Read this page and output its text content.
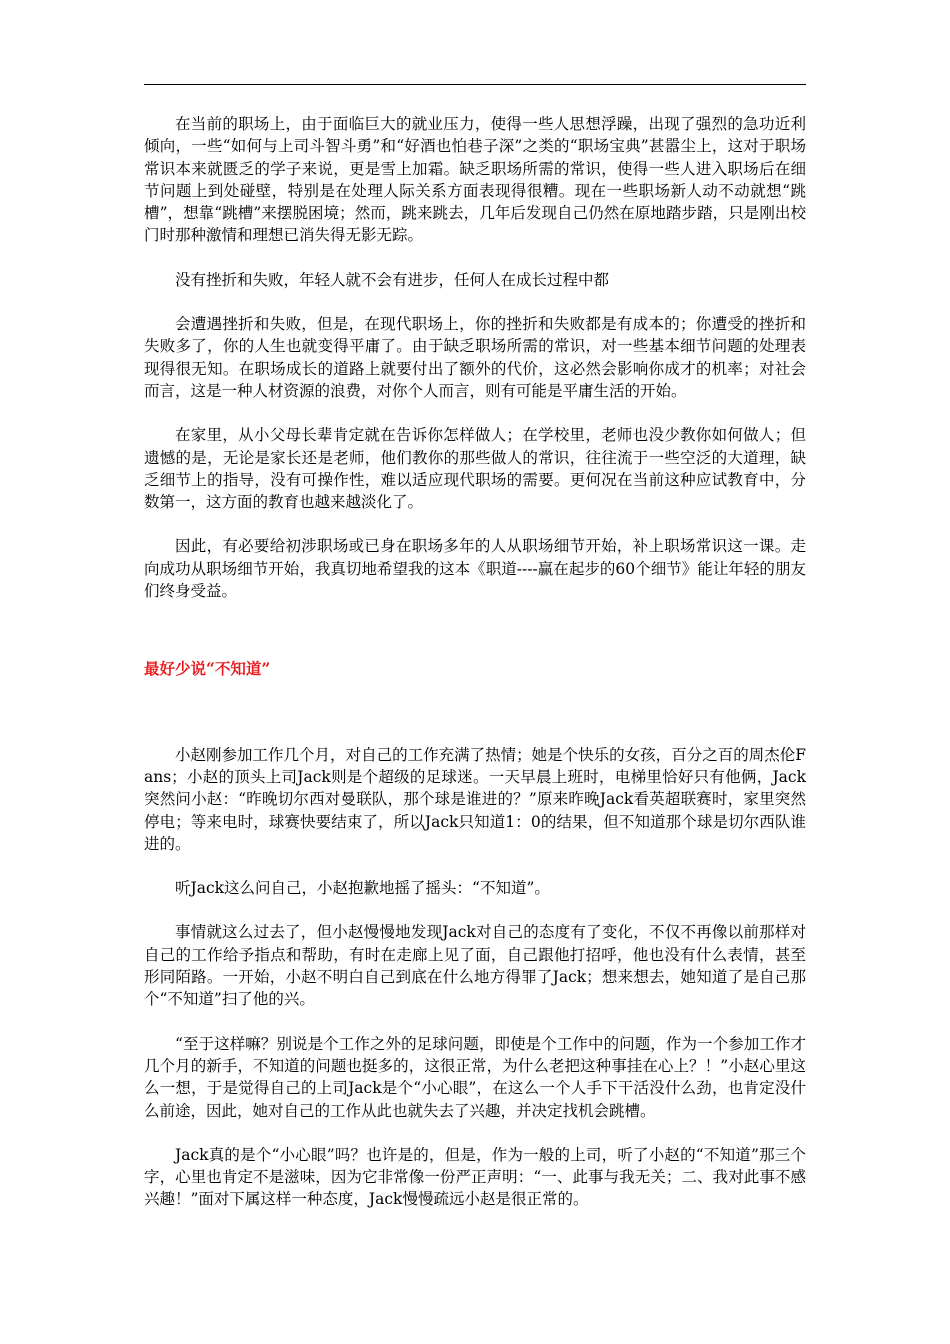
在当前的职场上，由于面临巨大的就业压力，使得一些人思想浮躁，出现了强烈的急功近利倾向，一些“如何与上司斗智斗勇”和“好酒也怕巷子深”之类的“职场宝典”甚嚣尘上，这对于职场常识本来就匮乏的学子来说，更是雪上加霜。缺乏职场所需的常识，使得一些人进入职场后在细节问题上到处碰壁，特别是在处理人际关系方面表现得很糟。现在一些职场新人动不动就想“跳槽”，想靠“跳槽”来摆脱困境；然而，跳来跳去，几年后发现自己仍然在原地踏步踏，只是刚出校门时那种激情和理想已消失得无影无踪。

没有挫折和失败，年轻人就不会有进步，任何人在成长过程中都

会遭遇挫折和失败，但是，在现代职场上，你的挫折和失败都是有成本的；你遭受的挫折和失败多了，你的人生也就变得平庸了。由于缺乏职场所需的常识，对一些基本细节问题的处理表现得很无知。在职场成长的道路上就要付出了额外的代价，这必然会影响你成才的机率；对社会而言，这是一种人材资源的浪费，对你个人而言，则有可能是平庸生活的开始。

在家里，从小父母长辈肯定就在告诉你怎样做人；在学校里，老师也没少教你如何做人；但遗憾的是，无论是家长还是老师，他们教你的那些做人的常识，往往流于一些空泛的大道理，缺乏细节上的指导，没有可操作性，难以适应现代职场的需要。更何况在当前这种应试教育中，分数第一，这方面的教育也越来越淡化了。

因此，有必要给初涉职场或已身在职场多年的人从职场细节开始，补上职场常识这一课。走向成功从职场细节开始，我真切地希望我的这本《职道----赢在起步的60个细节》能让年轻的朋友们终身受益。

最好少说“不知道”

小赵刚参加工作几个月，对自己的工作充满了热情；她是个快乐的女孩，百分之百的周杰伦Fans；小赵的顶头上司Jack则是个超级的足球迷。一天早晨上班时，电梯里恰好只有他俩，Jack突然问小赵：“昨晚切尔西对曼联队，那个球是谁进的？”原来昨晚Jack看英超联赛时，家里突然停电；等来电时，球赛快要结束了，所以Jack只知道1：0的结果，但不知道那个球是切尔西队谁进的。

听Jack这么问自己，小赵抱歉地摇了摇头：“不知道”。

事情就这么过去了，但小赵慢慢地发现Jack对自己的态度有了变化，不仅不再像以前那样对自己的工作给予指点和帮助，有时在走廊上见了面，自己跟他打招呼，他也没有什么表情，甚至形同陌路。一开始，小赵不明白自己到底在什么地方得罪了Jack；想来想去，她知道了是自己那个“不知道”扫了他的兴。

“至于这样嘛？别说是个工作之外的足球问题，即使是个工作中的问题，作为一个参加工作才几个月的新手，不知道的问题也挺多的，这很正常，为什么老把这种事挂在心上？！”小赵心里这么一想，于是觉得自己的上司Jack是个“小心眼”，在这么一个人手下干活没什么劲，也肯定没什么前途，因此，她对自己的工作从此也就失去了兴趣，并决定找机会跳槽。

Jack真的是个“小心眼”吗？也许是的，但是，作为一般的上司，听了小赵的“不知道”那三个字，心里也肯定不是滋味，因为它非常像一份严正声明：“一、此事与我无关；二、我对此事不感兴趣！”面对下属这样一种态度，Jack慢慢疏远小赵是很正常的。
